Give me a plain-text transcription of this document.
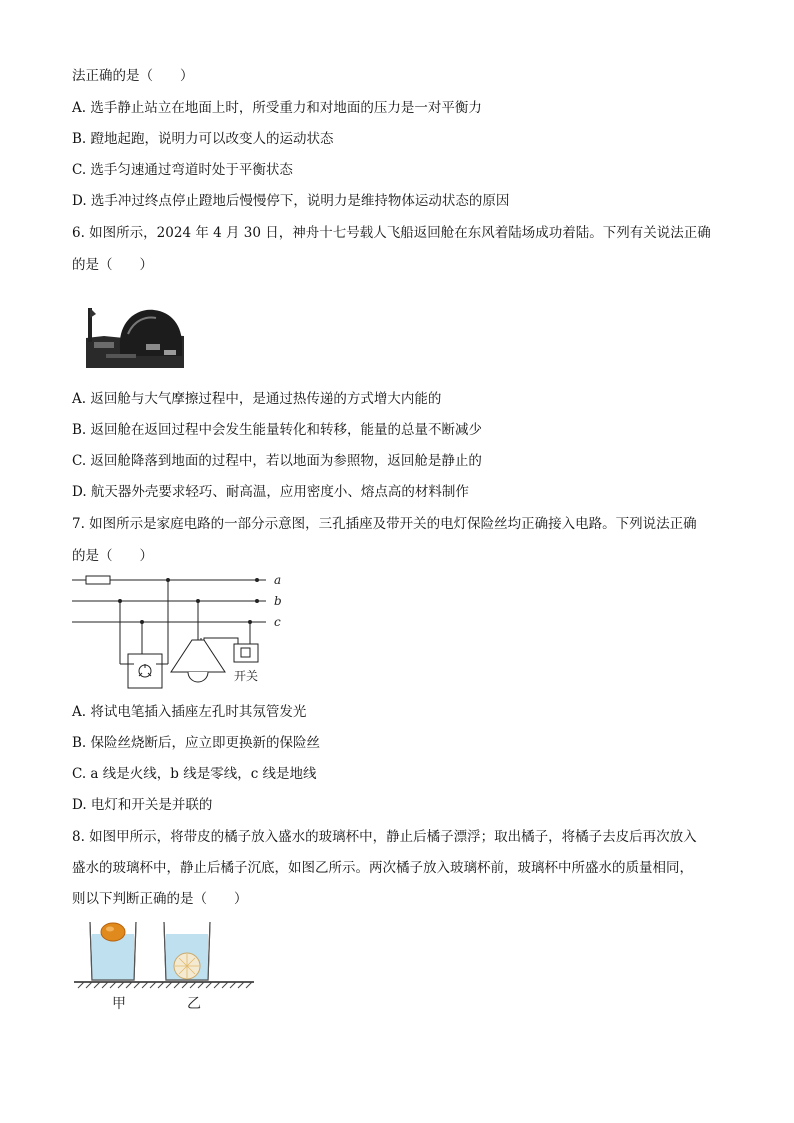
法正确的是（　　）
A. 选手静止站立在地面上时，所受重力和对地面的压力是一对平衡力
B. 蹬地起跑，说明力可以改变人的运动状态
C. 选手匀速通过弯道时处于平衡状态
D. 选手冲过终点停止蹬地后慢慢停下，说明力是维持物体运动状态的原因
6. 如图所示，2024 年 4 月 30 日，神舟十七号载人飞船返回舱在东风着陆场成功着陆。下列有关说法正确
的是（　　）
A. 返回舱与大气摩擦过程中，是通过热传递的方式增大内能的
B. 返回舱在返回过程中会发生能量转化和转移，能量的总量不断减少
C. 返回舱降落到地面的过程中，若以地面为参照物，返回舱是静止的
D. 航天器外壳要求轻巧、耐高温，应用密度小、熔点高的材料制作
7. 如图所示是家庭电路的一部分示意图，三孔插座及带开关的电灯保险丝均正确接入电路。下列说法正确
的是（　　）
a
b
c
开关
A. 将试电笔插入插座左孔时其氖管发光
B. 保险丝烧断后，应立即更换新的保险丝
C. a 线是火线，b 线是零线，c 线是地线
D. 电灯和开关是并联的
8. 如图甲所示，将带皮的橘子放入盛水的玻璃杯中，静止后橘子漂浮；取出橘子，将橘子去皮后再次放入
盛水的玻璃杯中，静止后橘子沉底，如图乙所示。两次橘子放入玻璃杯前，玻璃杯中所盛水的质量相同，
则以下判断正确的是（　　）
甲	乙
